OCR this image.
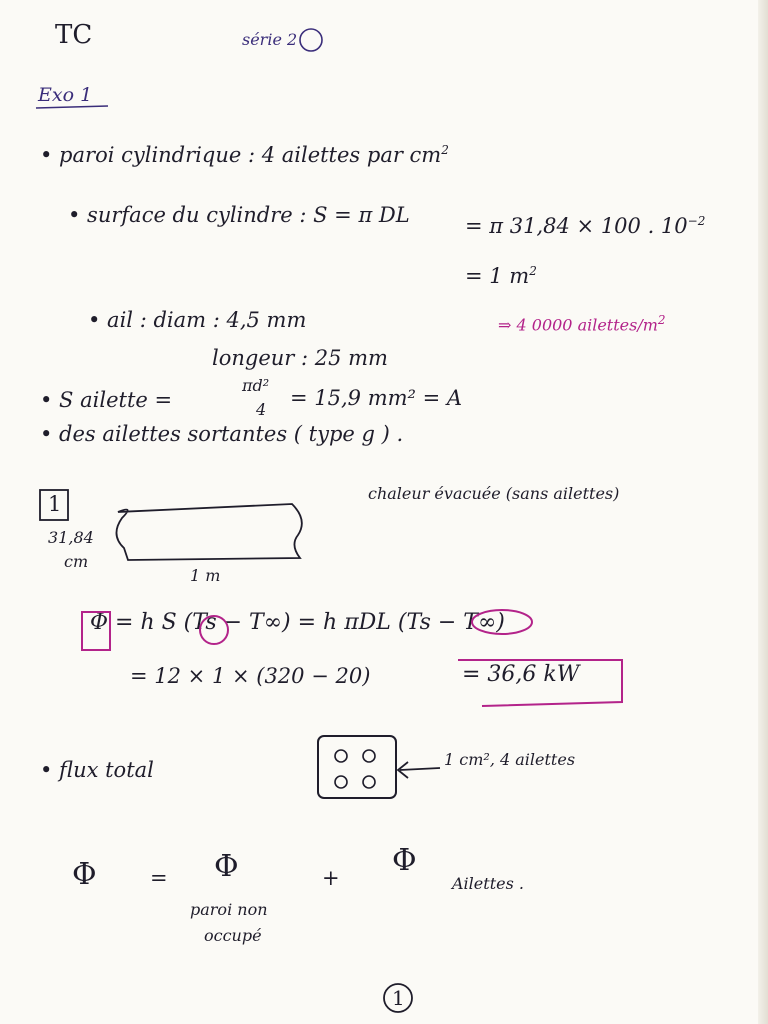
TC	série 2
Exo 1
• paroi cylindrique : 4 ailettes par $cm^2$
• surface du cylindre : S = π DL	= π 31,84 × 100 . $10^{-2}$
= 1 $m^2$
• ail : diam : 4,5 mm	⇒ 4 0000 ailettes/$m^2$
longeur : 25 mm
• S ailette =
πd²
4 = 15,9 mm² = A
• des ailettes sortantes ( type g ) .
1	chaleur évacuée (sans ailettes)
31,84
cm
1 m
Φ = h S (Ts − T∞) = h πDL (Ts − T∞)
= 12 × 1 × (320 − 20)	= 36,6 kW
• flux total	1 cm², 4 ailettes
Φ	= Φ	+ Φ
paroi non
occupé
Ailettes .
1
